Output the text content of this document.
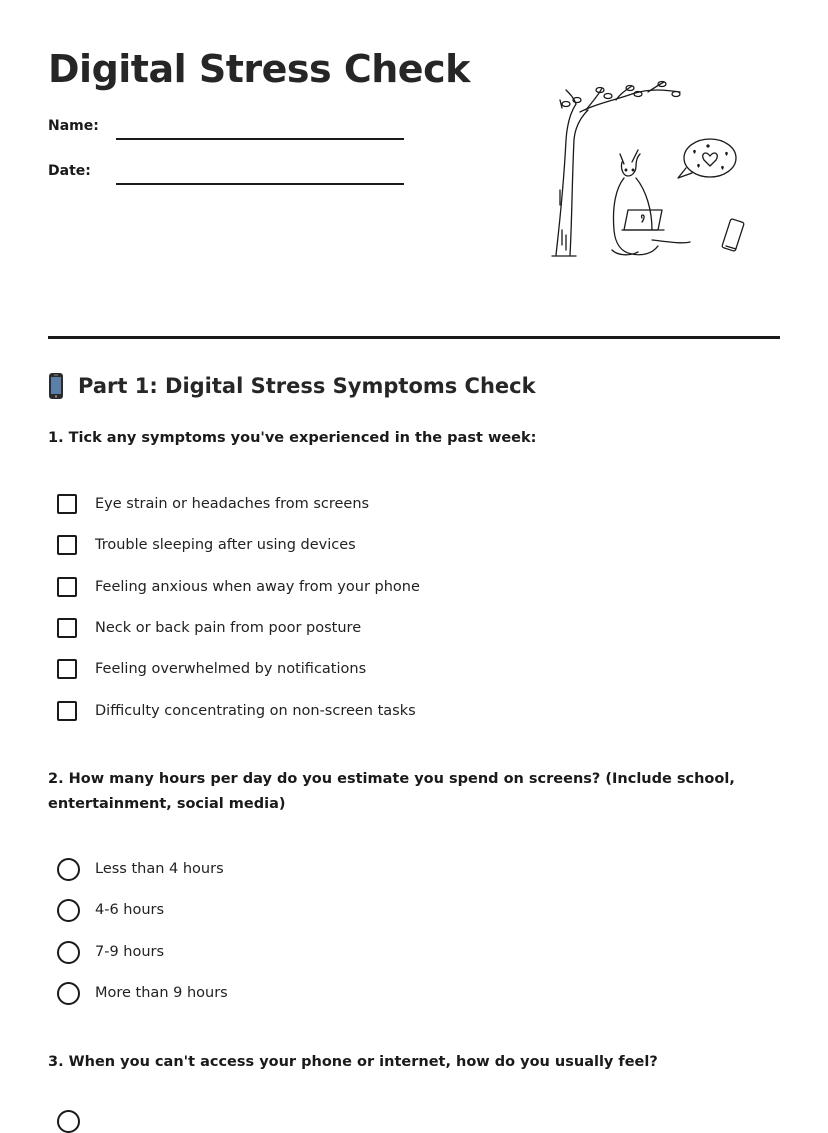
Digital Stress Check
Name:
Date:
Part 1: Digital Stress Symptoms Check

1. Tick any symptoms you've experienced in the past week:

Eye strain or headaches from screens
Trouble sleeping after using devices
Feeling anxious when away from your phone
Neck or back pain from poor posture
Feeling overwhelmed by notifications
Difficulty concentrating on non-screen tasks

2. How many hours per day do you estimate you spend on screens? (Include school, entertainment, social media)

Less than 4 hours
4-6 hours
7-9 hours
More than 9 hours

3. When you can't access your phone or internet, how do you usually feel?
